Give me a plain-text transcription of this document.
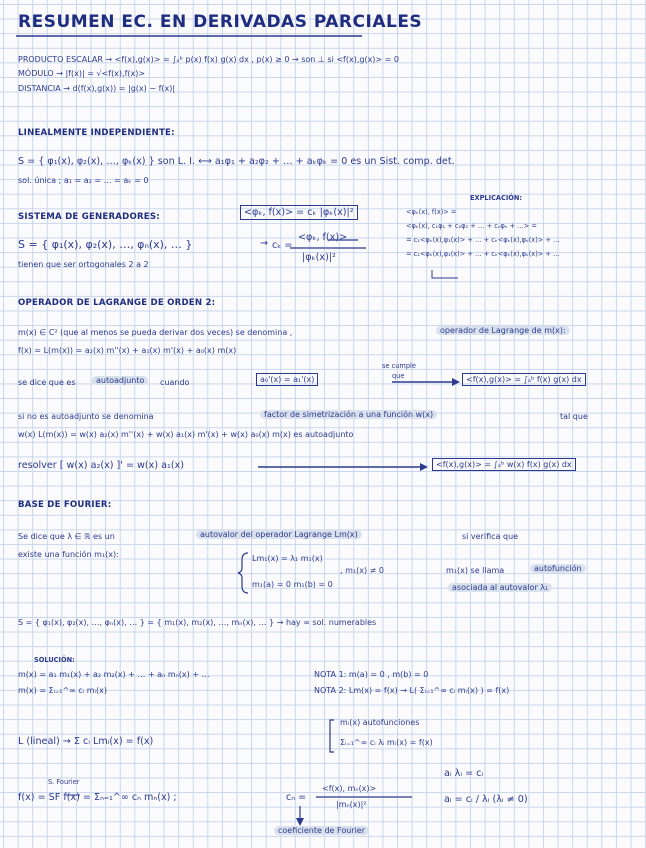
RESUMEN EC. EN DERIVADAS PARCIALES
PRODUCTO ESCALAR → <f(x),g(x)> = ∫ₐᵇ p(x) f(x) g(x) dx , p(x) ≥ 0 → son ⊥ si <f(x),g(x)> = 0
MÓDULO → |f(x)| = √<f(x),f(x)>
DISTANCIA → d(f(x),g(x)) = |g(x) − f(x)|
LINEALMENTE INDEPENDIENTE:
S = { φ₁(x), φ₂(x), …, φₖ(x) } son L. I. ⟷ a₁φ₁ + a₂φ₂ + … + aₖφₖ = 0 es un Sist. comp. det.
sol. única ; a₁ = a₂ = … = aₖ = 0
SISTEMA DE GENERADORES:
EXPLICACIÓN:
<φₖ, f(x)> = cₖ |φₖ(x)|²
S = { φ₁(x), φ₂(x), …, φₙ(x), … }
tienen que ser ortogonales 2 a 2
→ cₖ =
<φₖ, f(x)>
|φₖ(x)|²
<φₖ(x), f(x)> =
<φₖ(x), c₁φ₁ + c₂φ₂ + … + cₙφₙ + …> =
= c₁<φₖ(x),φ₁(x)> + … + cₖ<φₖ(x),φₖ(x)> + …
= c₁<φₖ(x),φ₁(x)> + … + cₖ<φₖ(x),φₖ(x)> + …
OPERADOR DE LAGRANGE DE ORDEN 2:
m(x) ∈ C² (que al menos se pueda derivar dos veces) se denomina ,	operador de Lagrange de m(x):
f(x) = L(m(x)) = a₂(x) m''(x) + a₁(x) m'(x) + a₀(x) m(x)
se dice que es	autoadjunto	cuando	a₀'(x) = a₁'(x)
se cumple
que	<f(x),g(x)> = ∫ₐᵇ f(x) g(x) dx
si no es autoadjunto se denomina	factor de simetrización a una función w(x)	tal que
w(x) L(m(x)) = w(x) a₂(x) m''(x) + w(x) a₁(x) m'(x) + w(x) a₀(x) m(x) es autoadjunto
resolver [ w(x) a₂(x) ]' = w(x) a₁(x)	<f(x),g(x)> = ∫ₐᵇ w(x) f(x) g(x) dx
BASE DE FOURIER:
Se dice que λ ∈ ℝ es un	autovalor del operador Lagrange Lm(x)	si verifica que
existe una función m₁(x):	Lm₁(x) = λ₁ m₁(x)
m₁(a) = 0 m₁(b) = 0
, m₁(x) ≠ 0	m₁(x) se llama	autofunción
asociada al autovalor λ₁
S = { φ₁(x), φ₂(x), …, φₙ(x), … } = { m₁(x), m₂(x), …, mₙ(x), … } → hay ∞ sol. numerables
SOLUCIÓN:
m(x) = a₁ m₁(x) + a₂ m₂(x) + … + aₙ mₙ(x) + …
m(x) = Σᵢ₌₁^∞ cᵢ mᵢ(x)
NOTA 1: m(a) = 0 , m(b) = 0
NOTA 2: Lm(x) = f(x) → L( Σᵢ₌₁^∞ cᵢ mᵢ(x) ) = f(x)
L (lineal) → Σ cᵢ Lmᵢ(x) = f(x)
mᵢ(x) autofunciones
Σᵢ₌₁^∞ cᵢ λᵢ mᵢ(x) = f(x)
S. Fourier
f(x) = SF f(x) = Σₙ₌₁^∞ cₙ mₙ(x) ;	cₙ =
<f(x), mₙ(x)>
|mₙ(x)|²
coeficiente de Fourier
aᵢ λᵢ = cᵢ
aᵢ = cᵢ / λᵢ (λᵢ ≠ 0)
